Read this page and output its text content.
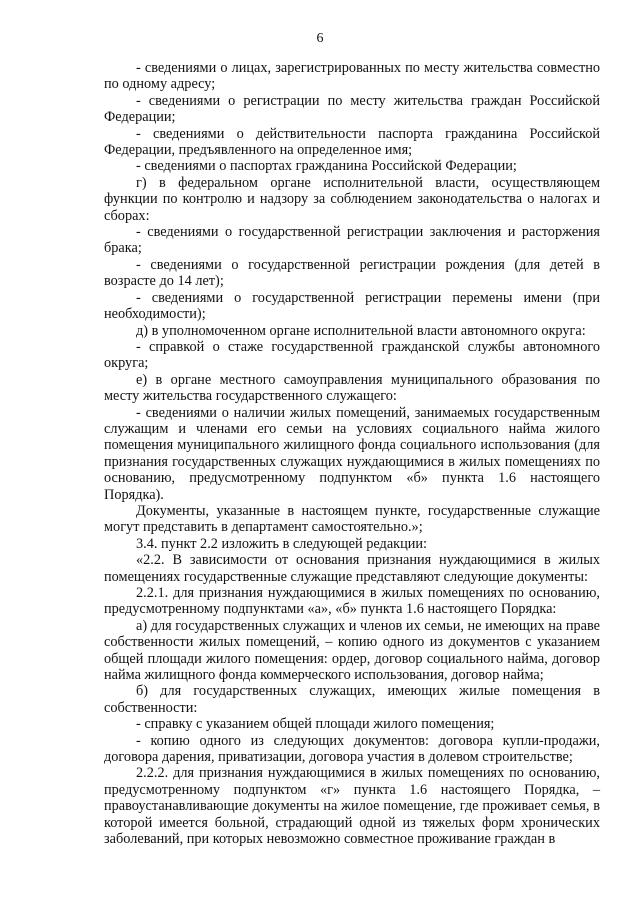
6

- сведениями о лицах, зарегистрированных по месту жительства совместно по одному адресу;

- сведениями о регистрации по месту жительства граждан Российской Федерации;

- сведениями о действительности паспорта гражданина Российской Федерации, предъявленного на определенное имя;

- сведениями о паспортах гражданина Российской Федерации;

г) в федеральном органе исполнительной власти, осуществляющем функции по контролю и надзору за соблюдением законодательства о налогах и сборах:

- сведениями о государственной регистрации заключения и расторжения брака;

- сведениями о государственной регистрации рождения (для детей в возрасте до 14 лет);

- сведениями о государственной регистрации перемены имени (при необходимости);

д) в уполномоченном органе исполнительной власти автономного округа:

- справкой о стаже государственной гражданской службы автономного округа;

е) в органе местного самоуправления муниципального образования по месту жительства государственного служащего:

- сведениями о наличии жилых помещений, занимаемых государственным служащим и членами его семьи на условиях социального найма жилого помещения муниципального жилищного фонда социального использования (для признания государственных служащих нуждающимися в жилых помещениях по основанию, предусмотренному подпунктом «б» пункта 1.6 настоящего Порядка).

Документы, указанные в настоящем пункте, государственные служащие могут представить в департамент самостоятельно.»;

3.4. пункт 2.2 изложить в следующей редакции:

«2.2. В зависимости от основания признания нуждающимися в жилых помещениях государственные служащие представляют следующие документы:

2.2.1. для признания нуждающимися в жилых помещениях по основанию, предусмотренному подпунктами «а», «б» пункта 1.6 настоящего Порядка:

а) для государственных служащих и членов их семьи, не имеющих на праве собственности жилых помещений, – копию одного из документов с указанием общей площади жилого помещения: ордер, договор социального найма, договор найма жилищного фонда коммерческого использования, договор найма;

б) для государственных служащих, имеющих жилые помещения в собственности:

- справку с указанием общей площади жилого помещения;

- копию одного из следующих документов: договора купли-продажи, договора дарения, приватизации, договора участия в долевом строительстве;

2.2.2. для признания нуждающимися в жилых помещениях по основанию, предусмотренному подпунктом «г» пункта 1.6 настоящего Порядка, – правоустанавливающие документы на жилое помещение, где проживает семья, в которой имеется больной, страдающий одной из тяжелых форм хронических заболеваний, при которых невозможно совместное проживание граждан в
